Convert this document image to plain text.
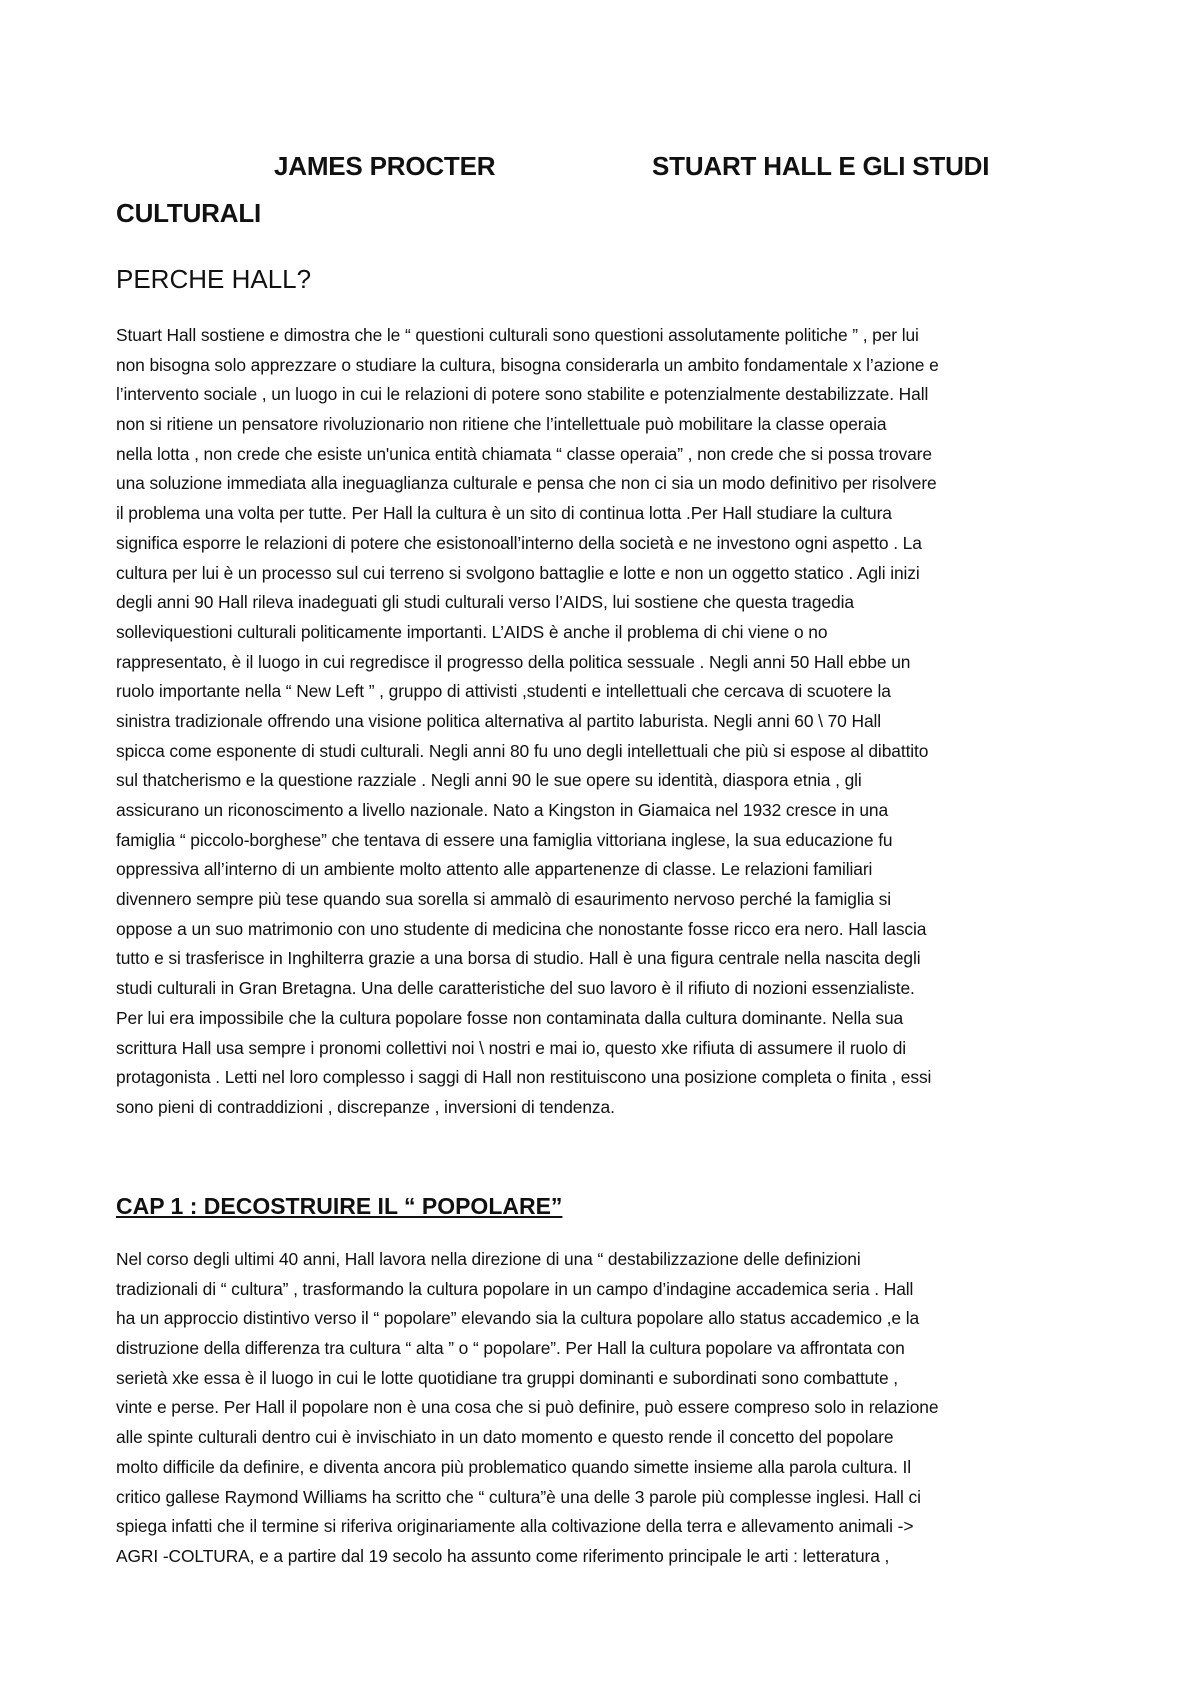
JAMES PROCTER	STUART HALL E GLI STUDI
CULTURALI
PERCHE HALL?
Stuart Hall sostiene e dimostra che le “ questioni culturali sono questioni assolutamente politiche ” , per lui
non bisogna solo apprezzare o studiare la cultura, bisogna considerarla un ambito fondamentale x l’azione e
l’intervento sociale , un luogo in cui le relazioni di potere sono stabilite e potenzialmente destabilizzate. Hall
non si ritiene un pensatore rivoluzionario non ritiene che l’intellettuale può mobilitare la classe operaia
nella lotta , non crede che esiste un'unica entità chiamata “ classe operaia” , non crede che si possa trovare
una soluzione immediata alla ineguaglianza culturale e pensa che non ci sia un modo definitivo per risolvere
il problema una volta per tutte. Per Hall la cultura è un sito di continua lotta .Per Hall studiare la cultura
significa esporre le relazioni di potere che esistonoall’interno della società e ne investono ogni aspetto . La
cultura per lui è un processo sul cui terreno si svolgono battaglie e lotte e non un oggetto statico . Agli inizi
degli anni 90 Hall rileva inadeguati gli studi culturali verso l’AIDS, lui sostiene che questa tragedia
solleviquestioni culturali politicamente importanti. L’AIDS è anche il problema di chi viene o no
rappresentato, è il luogo in cui regredisce il progresso della politica sessuale . Negli anni 50 Hall ebbe un
ruolo importante nella “ New Left ” , gruppo di attivisti ,studenti e intellettuali che cercava di scuotere la
sinistra tradizionale offrendo una visione politica alternativa al partito laburista. Negli anni 60 \ 70 Hall
spicca come esponente di studi culturali. Negli anni 80 fu uno degli intellettuali che più si espose al dibattito
sul thatcherismo e la questione razziale . Negli anni 90 le sue opere su identità, diaspora etnia , gli
assicurano un riconoscimento a livello nazionale. Nato a Kingston in Giamaica nel 1932 cresce in una
famiglia “ piccolo-borghese” che tentava di essere una famiglia vittoriana inglese, la sua educazione fu
oppressiva all’interno di un ambiente molto attento alle appartenenze di classe. Le relazioni familiari
divennero sempre più tese quando sua sorella si ammalò di esaurimento nervoso perché la famiglia si
oppose a un suo matrimonio con uno studente di medicina che nonostante fosse ricco era nero. Hall lascia
tutto e si trasferisce in Inghilterra grazie a una borsa di studio. Hall è una figura centrale nella nascita degli
studi culturali in Gran Bretagna. Una delle caratteristiche del suo lavoro è il rifiuto di nozioni essenzialiste.
Per lui era impossibile che la cultura popolare fosse non contaminata dalla cultura dominante. Nella sua
scrittura Hall usa sempre i pronomi collettivi noi \ nostri e mai io, questo xke rifiuta di assumere il ruolo di
protagonista . Letti nel loro complesso i saggi di Hall non restituiscono una posizione completa o finita , essi
sono pieni di contraddizioni , discrepanze , inversioni di tendenza.
CAP 1 : DECOSTRUIRE IL “ POPOLARE”
Nel corso degli ultimi 40 anni, Hall lavora nella direzione di una “ destabilizzazione delle definizioni
tradizionali di “ cultura” , trasformando la cultura popolare in un campo d’indagine accademica seria . Hall
ha un approccio distintivo verso il “ popolare” elevando sia la cultura popolare allo status accademico ,e la
distruzione della differenza tra cultura “ alta ” o “ popolare”. Per Hall la cultura popolare va affrontata con
serietà xke essa è il luogo in cui le lotte quotidiane tra gruppi dominanti e subordinati sono combattute ,
vinte e perse. Per Hall il popolare non è una cosa che si può definire, può essere compreso solo in relazione
alle spinte culturali dentro cui è invischiato in un dato momento e questo rende il concetto del popolare
molto difficile da definire, e diventa ancora più problematico quando simette insieme alla parola cultura. Il
critico gallese Raymond Williams ha scritto che “ cultura”è una delle 3 parole più complesse inglesi. Hall ci
spiega infatti che il termine si riferiva originariamente alla coltivazione della terra e allevamento animali ->
AGRI -COLTURA, e a partire dal 19 secolo ha assunto come riferimento principale le arti : letteratura ,
